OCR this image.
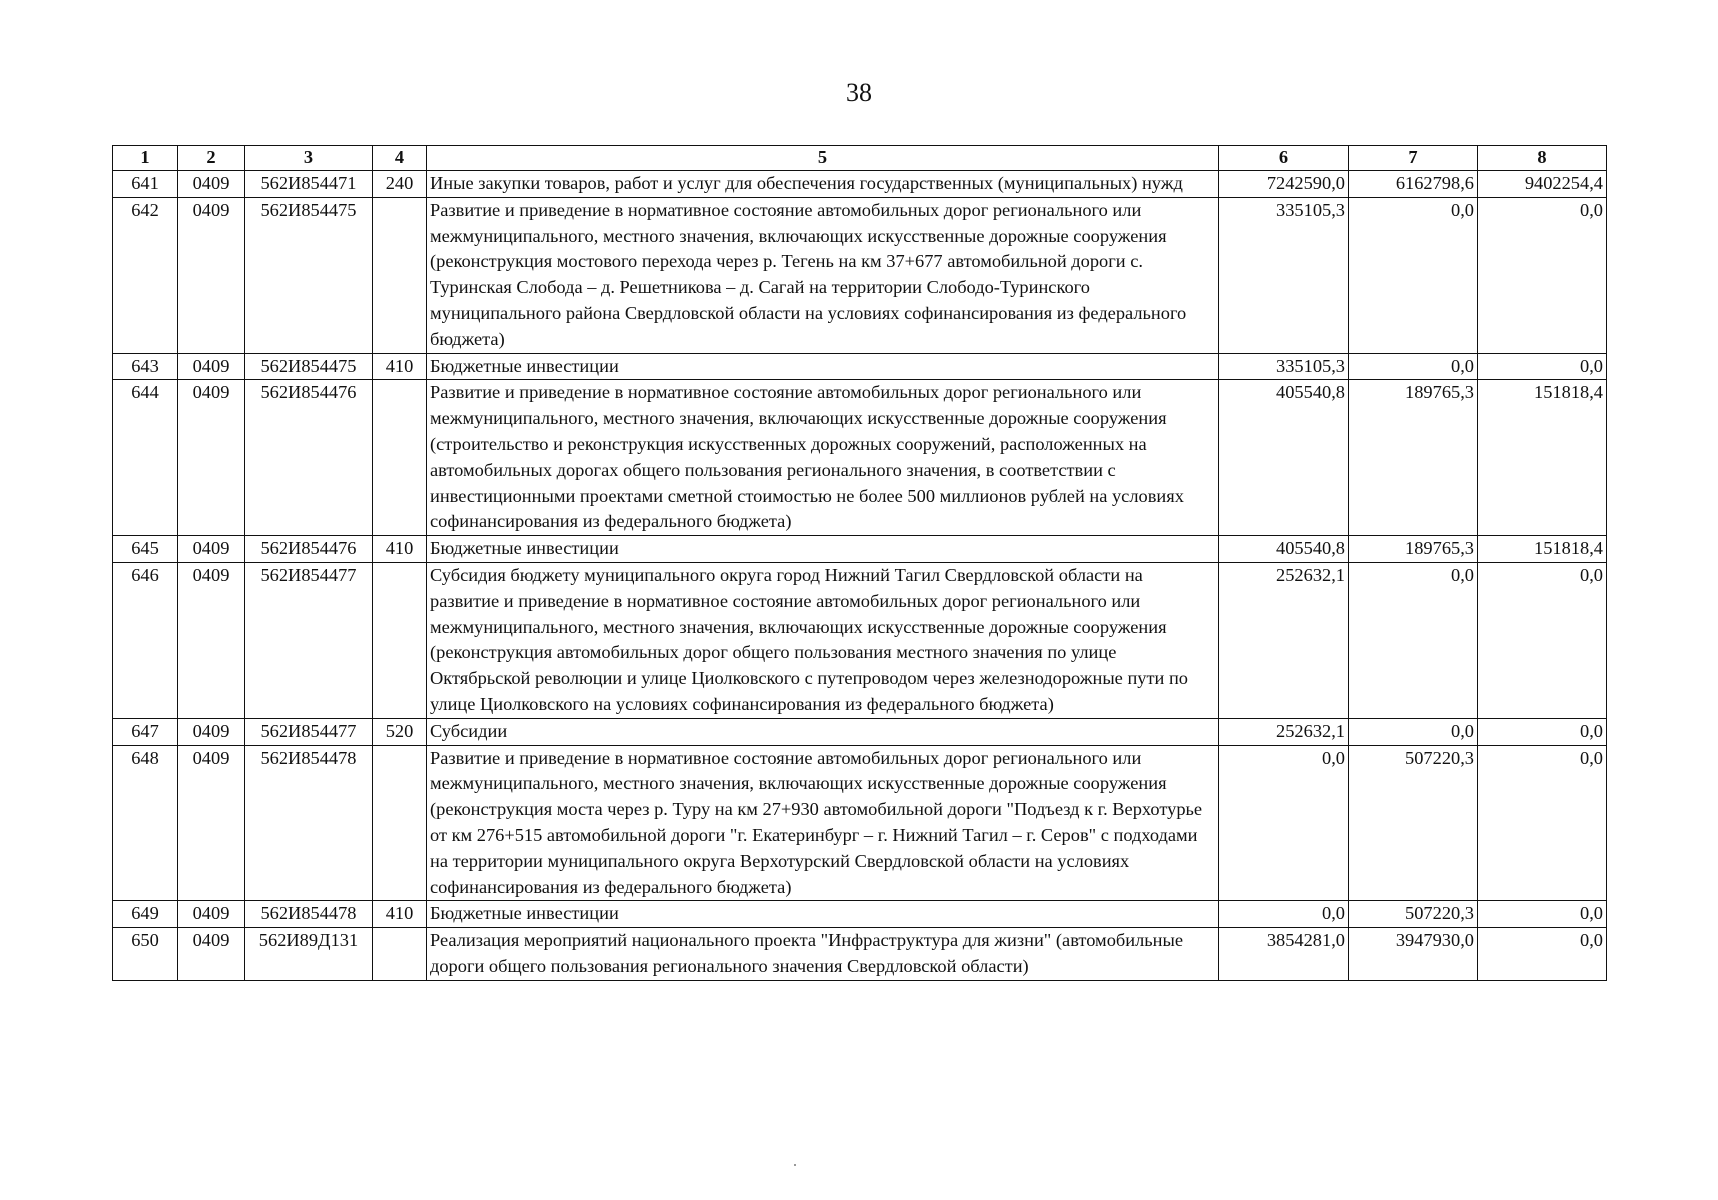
38
1	2	3	4	5	6	7	8
641	0409	562И854471	240	Иные закупки товаров, работ и услуг для обеспечения государственных (муниципальных) нужд	7242590,0	6162798,6	9402254,4
642	0409	562И854475		Развитие и приведение в нормативное состояние автомобильных дорог регионального или межмуниципального, местного значения, включающих искусственные дорожные сооружения (реконструкция мостового перехода через р. Тегень на км 37+677 автомобильной дороги с. Туринская Слобода – д. Решетникова – д. Сагай на территории Слободо-Туринского муниципального района Свердловской области на условиях софинансирования из федерального бюджета)	335105,3	0,0	0,0
643	0409	562И854475	410	Бюджетные инвестиции	335105,3	0,0	0,0
644	0409	562И854476		Развитие и приведение в нормативное состояние автомобильных дорог регионального или межмуниципального, местного значения, включающих искусственные дорожные сооружения (строительство и реконструкция искусственных дорожных сооружений, расположенных на автомобильных дорогах общего пользования регионального значения, в соответствии с инвестиционными проектами сметной стоимостью не более 500 миллионов рублей на условиях софинансирования из федерального бюджета)	405540,8	189765,3	151818,4
645	0409	562И854476	410	Бюджетные инвестиции	405540,8	189765,3	151818,4
646	0409	562И854477		Субсидия бюджету муниципального округа город Нижний Тагил Свердловской области на развитие и приведение в нормативное состояние автомобильных дорог регионального или межмуниципального, местного значения, включающих искусственные дорожные сооружения (реконструкция автомобильных дорог общего пользования местного значения по улице Октябрьской революции и улице Циолковского с путепроводом через железнодорожные пути по улице Циолковского на условиях софинансирования из федерального бюджета)	252632,1	0,0	0,0
647	0409	562И854477	520	Субсидии	252632,1	0,0	0,0
648	0409	562И854478		Развитие и приведение в нормативное состояние автомобильных дорог регионального или межмуниципального, местного значения, включающих искусственные дорожные сооружения (реконструкция моста через р. Туру на км 27+930 автомобильной дороги "Подъезд к г. Верхотурье от км 276+515 автомобильной дороги "г. Екатеринбург – г. Нижний Тагил – г. Серов" с подходами на территории муниципального округа Верхотурский Свердловской области на условиях софинансирования из федерального бюджета)	0,0	507220,3	0,0
649	0409	562И854478	410	Бюджетные инвестиции	0,0	507220,3	0,0
650	0409	562И89Д131		Реализация мероприятий национального проекта "Инфраструктура для жизни" (автомобильные дороги общего пользования регионального значения Свердловской области)	3854281,0	3947930,0	0,0
